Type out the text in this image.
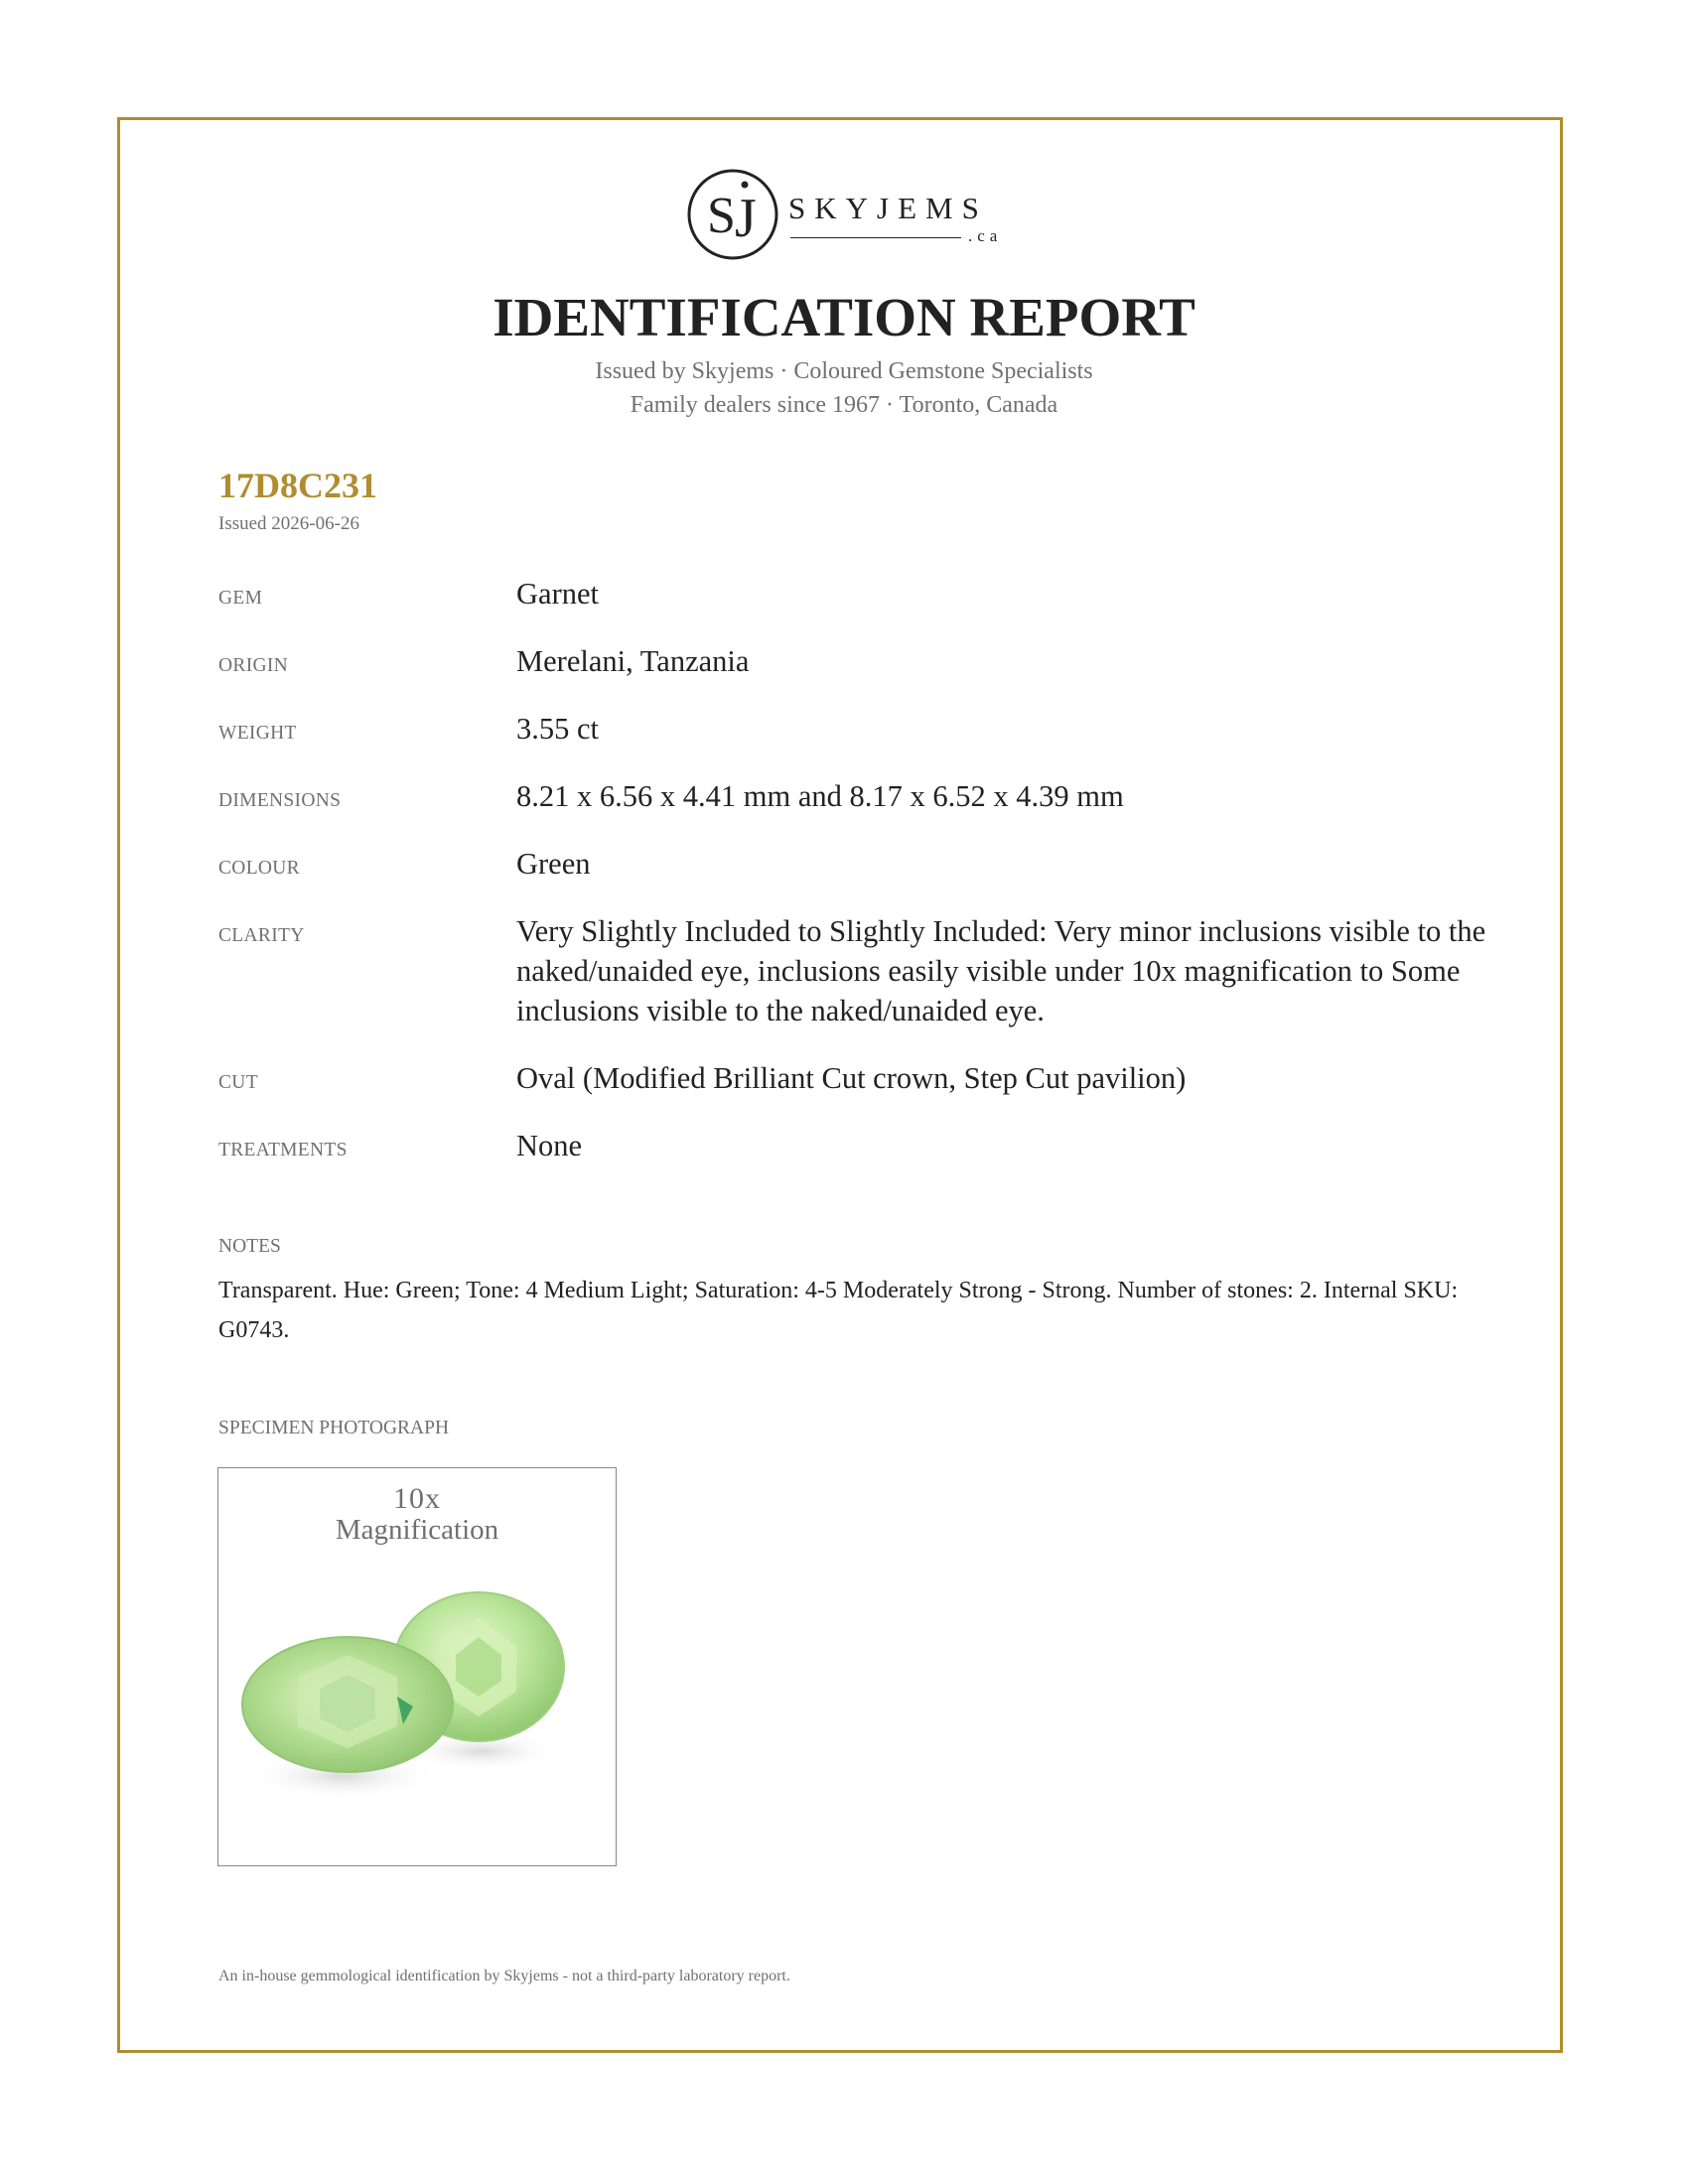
S J SKYJEMS
.ca
IDENTIFICATION REPORT
Issued by Skyjems · Coloured Gemstone Specialists
Family dealers since 1967 · Toronto, Canada
17D8C231
Issued 2026-06-26
GEM	Garnet
ORIGIN	Merelani, Tanzania
WEIGHT	3.55 ct
DIMENSIONS	8.21 x 6.56 x 4.41 mm and 8.17 x 6.52 x 4.39 mm
COLOUR	Green
CLARITY	Very Slightly Included to Slightly Included: Very minor inclusions visible to the naked/unaided eye, inclusions easily visible under 10x magnification to Some inclusions visible to the naked/unaided eye.
CUT	Oval (Modified Brilliant Cut crown, Step Cut pavilion)
TREATMENTS	None
NOTES
Transparent. Hue: Green; Tone: 4 Medium Light; Saturation: 4-5 Moderately Strong - Strong. Number of stones: 2. Internal SKU: G0743.
SPECIMEN PHOTOGRAPH
10x
Magnification
An in-house gemmological identification by Skyjems - not a third-party laboratory report.
